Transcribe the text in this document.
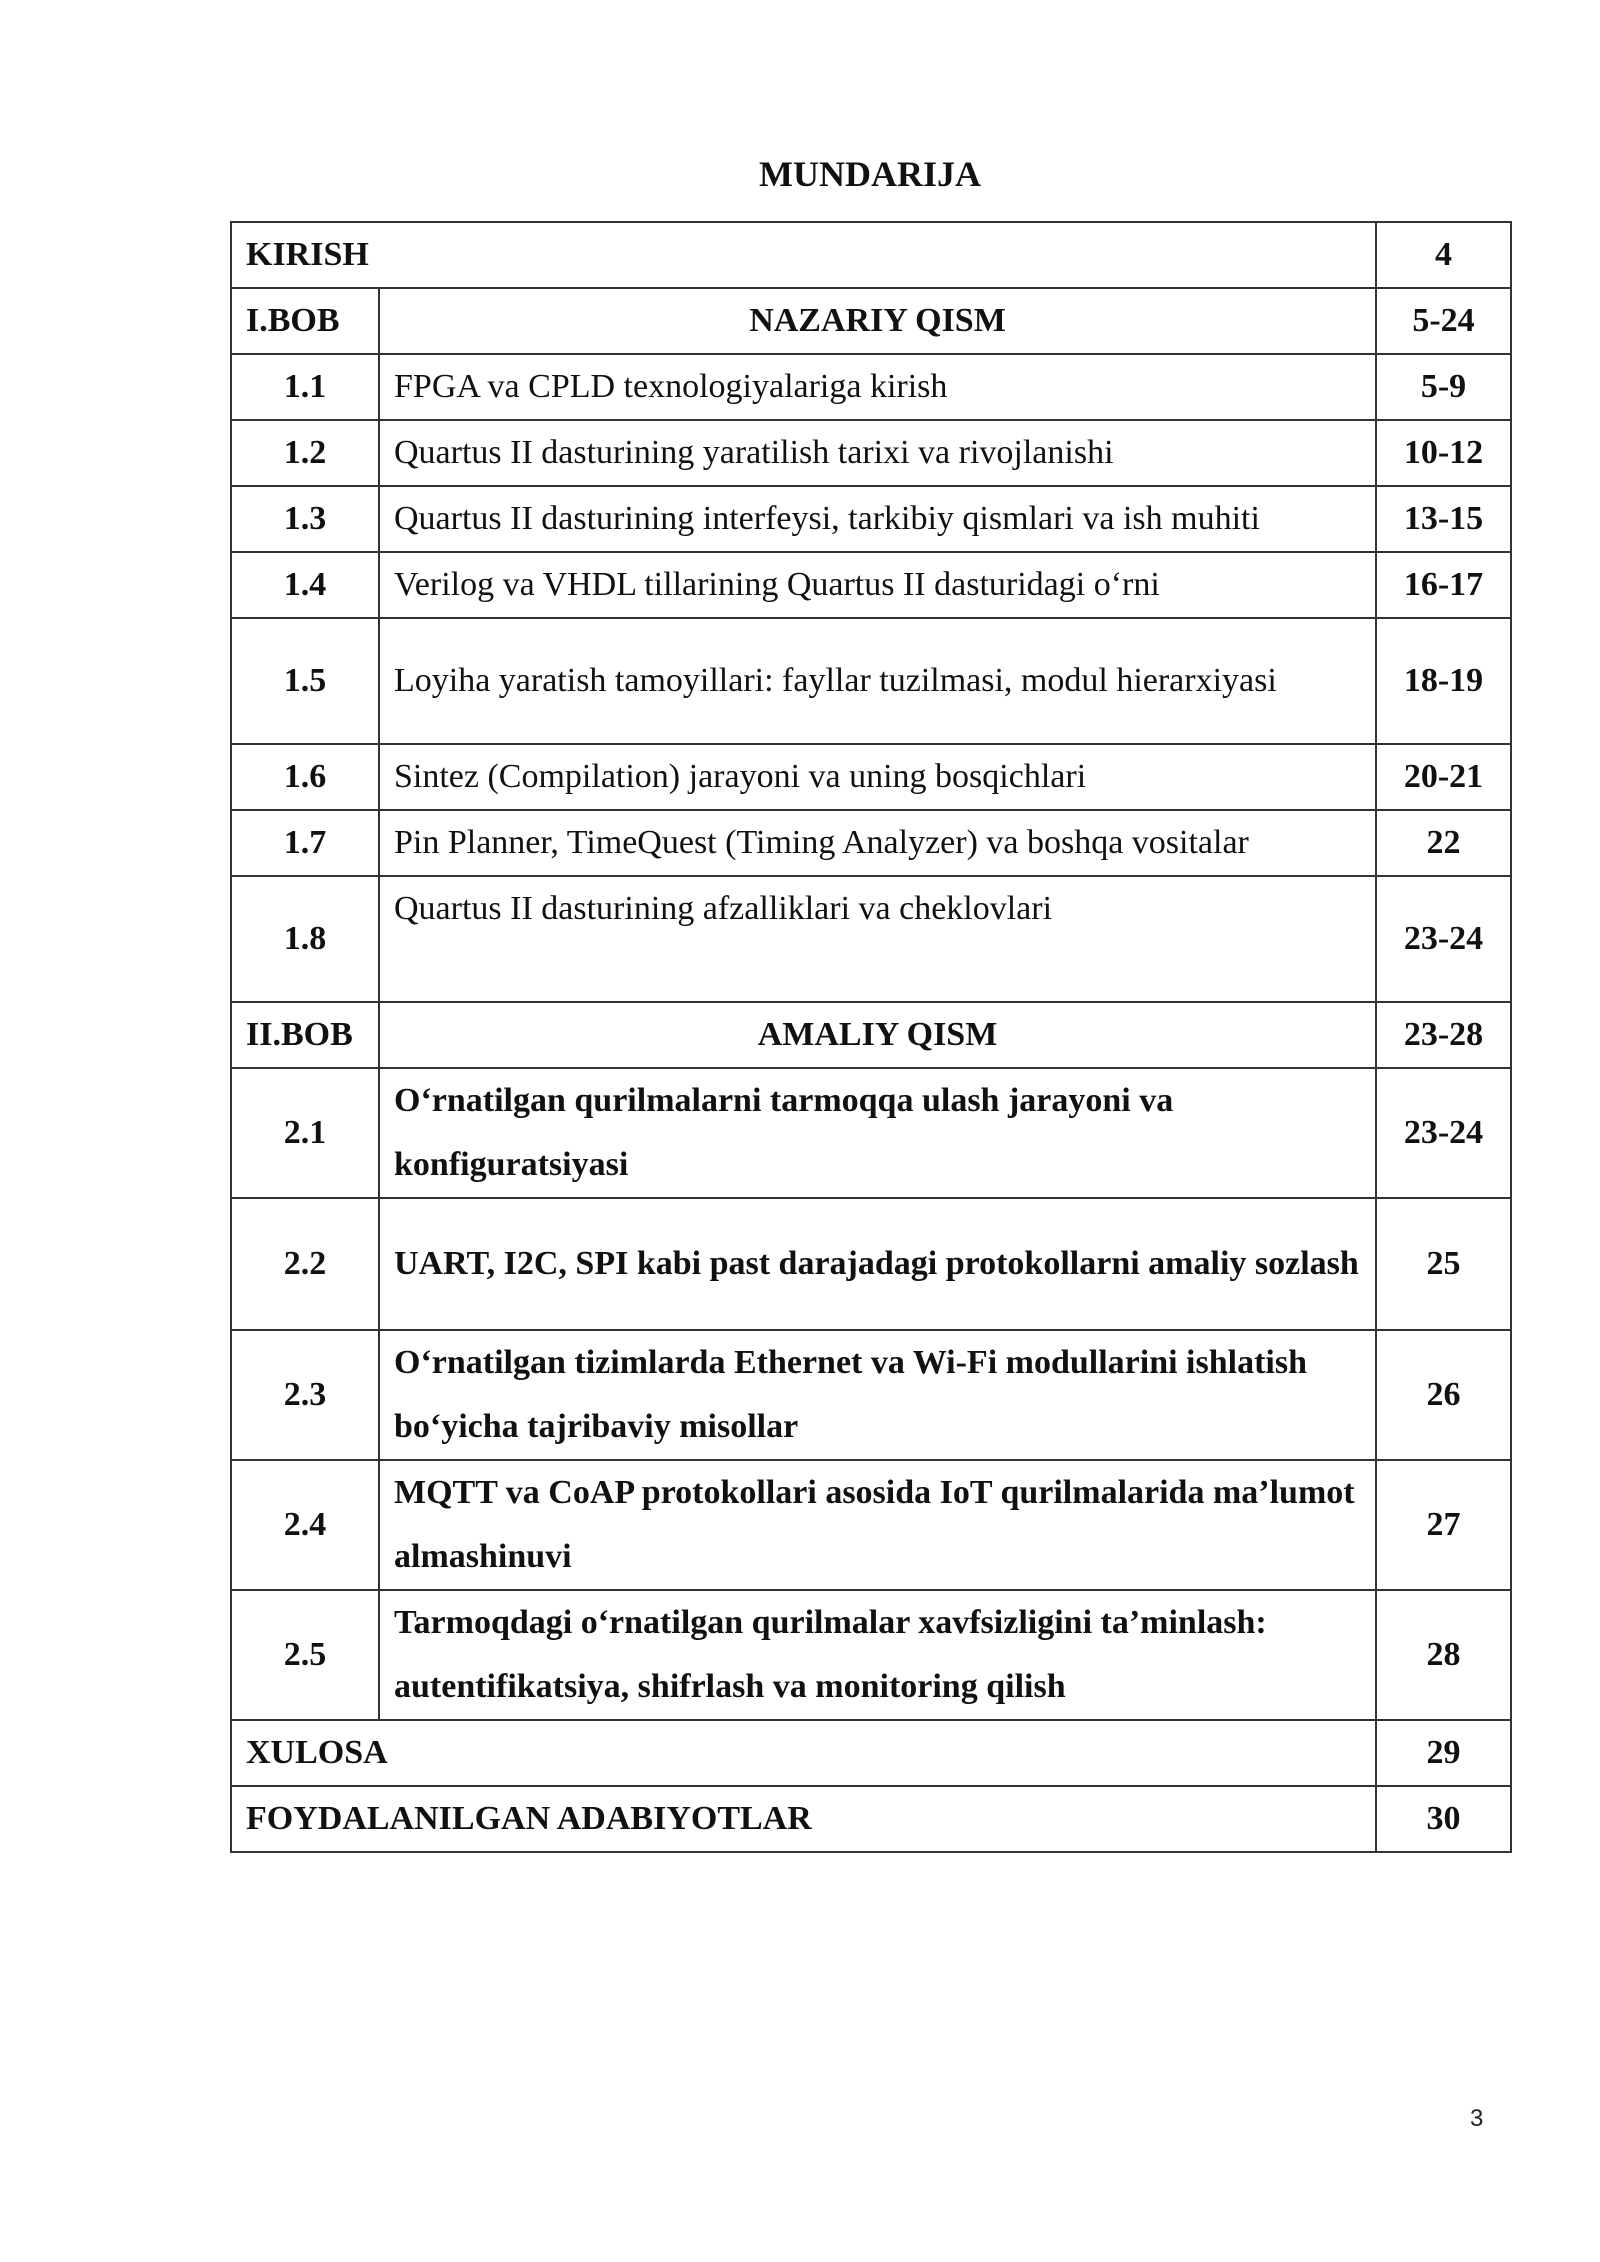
MUNDARIJA
KIRISH		4
I.BOB	NAZARIY QISM	5-24
1.1	FPGA va CPLD texnologiyalariga kirish	5-9
1.2	Quartus II dasturining yaratilish tarixi va rivojlanishi	10-12
1.3	Quartus II dasturining interfeysi, tarkibiy qismlari va ish muhiti	13-15
1.4	Verilog va VHDL tillarining Quartus II dasturidagi o‘rni	16-17
1.5	Loyiha yaratish tamoyillari: fayllar tuzilmasi, modul hierarxiyasi	18-19
1.6	Sintez (Compilation) jarayoni va uning bosqichlari	20-21
1.7	Pin Planner, TimeQuest (Timing Analyzer) va boshqa vositalar	22
1.8	Quartus II dasturining afzalliklari va cheklovlari	23-24
II.BOB	AMALIY QISM	23-28
2.1	O‘rnatilgan qurilmalarni tarmoqqa ulash jarayoni va konfiguratsiyasi	23-24
2.2	UART, I2C, SPI kabi past darajadagi protokollarni amaliy sozlash	25
2.3	O‘rnatilgan tizimlarda Ethernet va Wi-Fi modullarini ishlatish bo‘yicha tajribaviy misollar	26
2.4	MQTT va CoAP protokollari asosida IoT qurilmalarida ma’lumot almashinuvi	27
2.5	Tarmoqdagi o‘rnatilgan qurilmalar xavfsizligini ta’minlash: autentifikatsiya, shifrlash va monitoring qilish	28
XULOSA		29
FOYDALANILGAN ADABIYOTLAR		30
3
